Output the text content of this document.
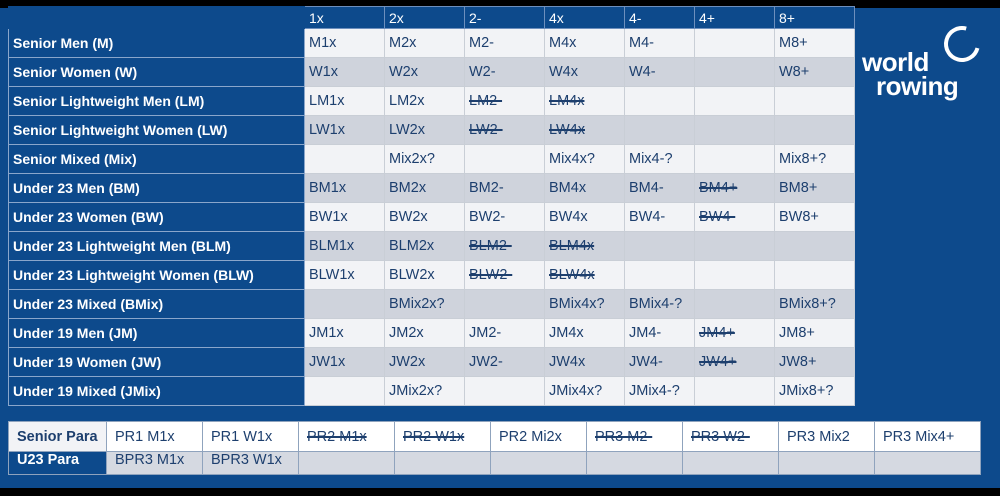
	1x	2x	2-	4x	4-	4+	8+
Senior Men (M)	M1x	M2x	M2-	M4x	M4-		M8+
Senior Women (W)	W1x	W2x	W2-	W4x	W4-		W8+
Senior Lightweight Men (LM)	LM1x	LM2x	LM2-	LM4x			
Senior Lightweight Women (LW)	LW1x	LW2x	LW2-	LW4x			
Senior Mixed (Mix)		Mix2x?		Mix4x?	Mix4-?		Mix8+?
Under 23 Men (BM)	BM1x	BM2x	BM2-	BM4x	BM4-	BM4+	BM8+
Under 23 Women (BW)	BW1x	BW2x	BW2-	BW4x	BW4-	BW4-	BW8+
Under 23 Lightweight Men (BLM)	BLM1x	BLM2x	BLM2-	BLM4x			
Under 23 Lightweight Women (BLW)	BLW1x	BLW2x	BLW2-	BLW4x			
Under 23 Mixed (BMix)		BMix2x?		BMix4x?	BMix4-?		BMix8+?
Under 19 Men (JM)	JM1x	JM2x	JM2-	JM4x	JM4-	JM4+	JM8+
Under 19 Women (JW)	JW1x	JW2x	JW2-	JW4x	JW4-	JW4+	JW8+
Under 19 Mixed (JMix)		JMix2x?		JMix4x?	JMix4-?		JMix8+?
world
rowing
Senior Para	PR1 M1x	PR1 W1x	PR2 M1x	PR2 W1x	PR2 Mi2x	PR3 M2-	PR3 W2-	PR3 Mix2	PR3 Mix4+
U23 Para	BPR3 M1x	BPR3 W1x							
